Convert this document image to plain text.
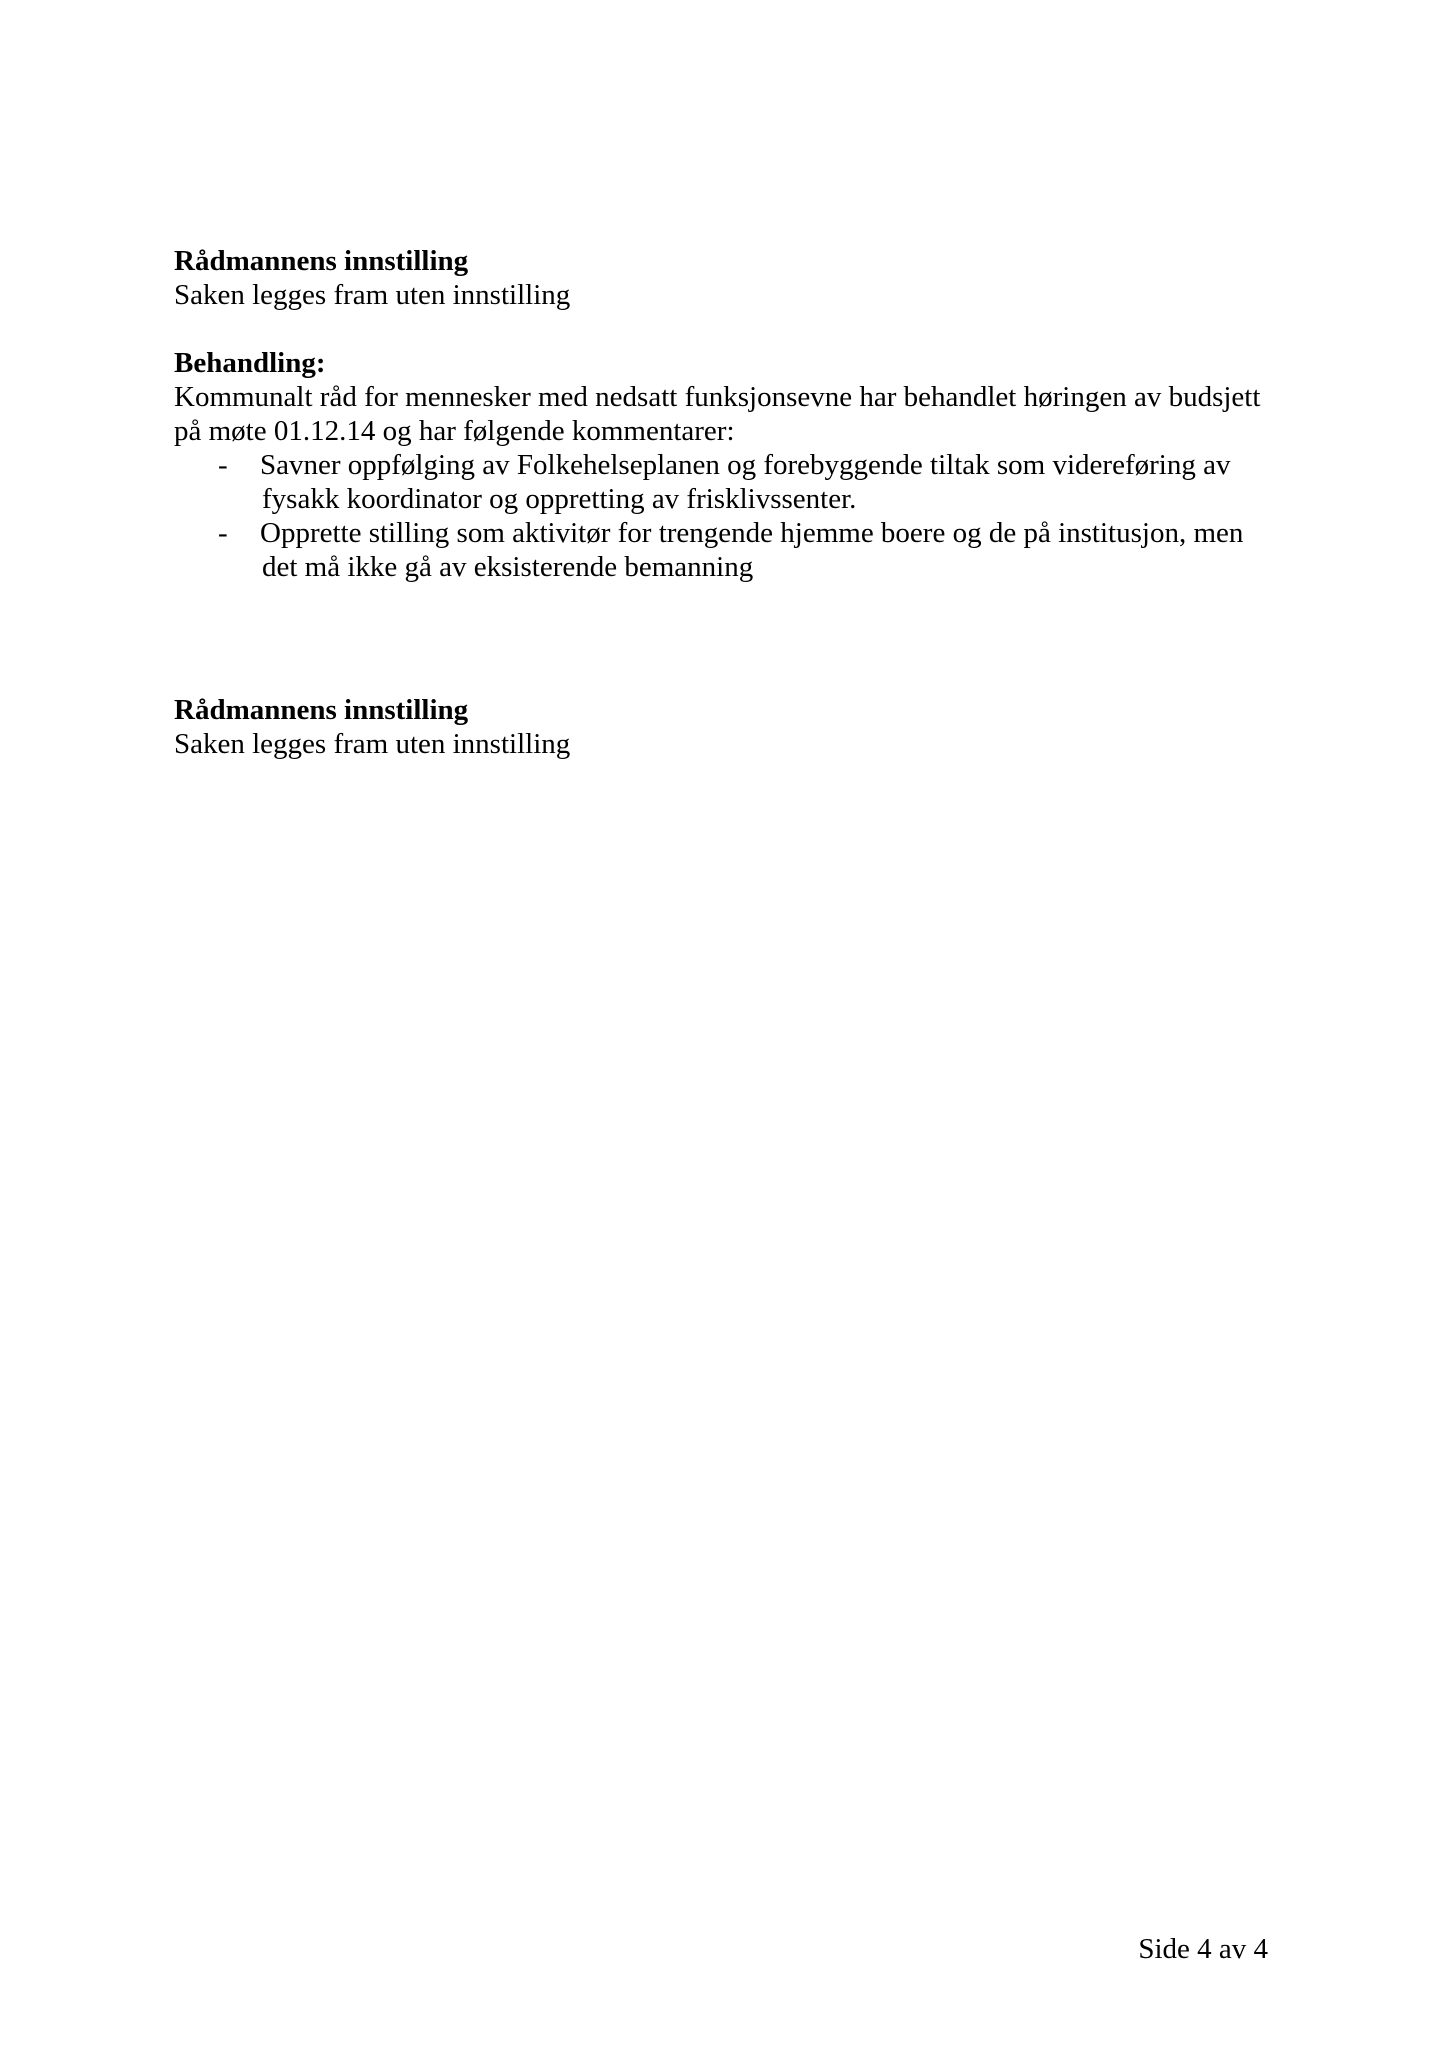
Rådmannens innstilling

Saken legges fram uten innstilling

Behandling:

Kommunalt råd for mennesker med nedsatt funksjonsevne har behandlet høringen av budsjett

på møte 01.12.14 og har følgende kommentarer:

- Savner oppfølging av Folkehelseplanen og forebyggende tiltak som videreføring av
fysakk koordinator og oppretting av frisklivssenter.
- Opprette stilling som aktivitør for trengende hjemme boere og de på institusjon, men
det må ikke gå av eksisterende bemanning

Rådmannens innstilling

Saken legges fram uten innstilling

Side 4 av 4
